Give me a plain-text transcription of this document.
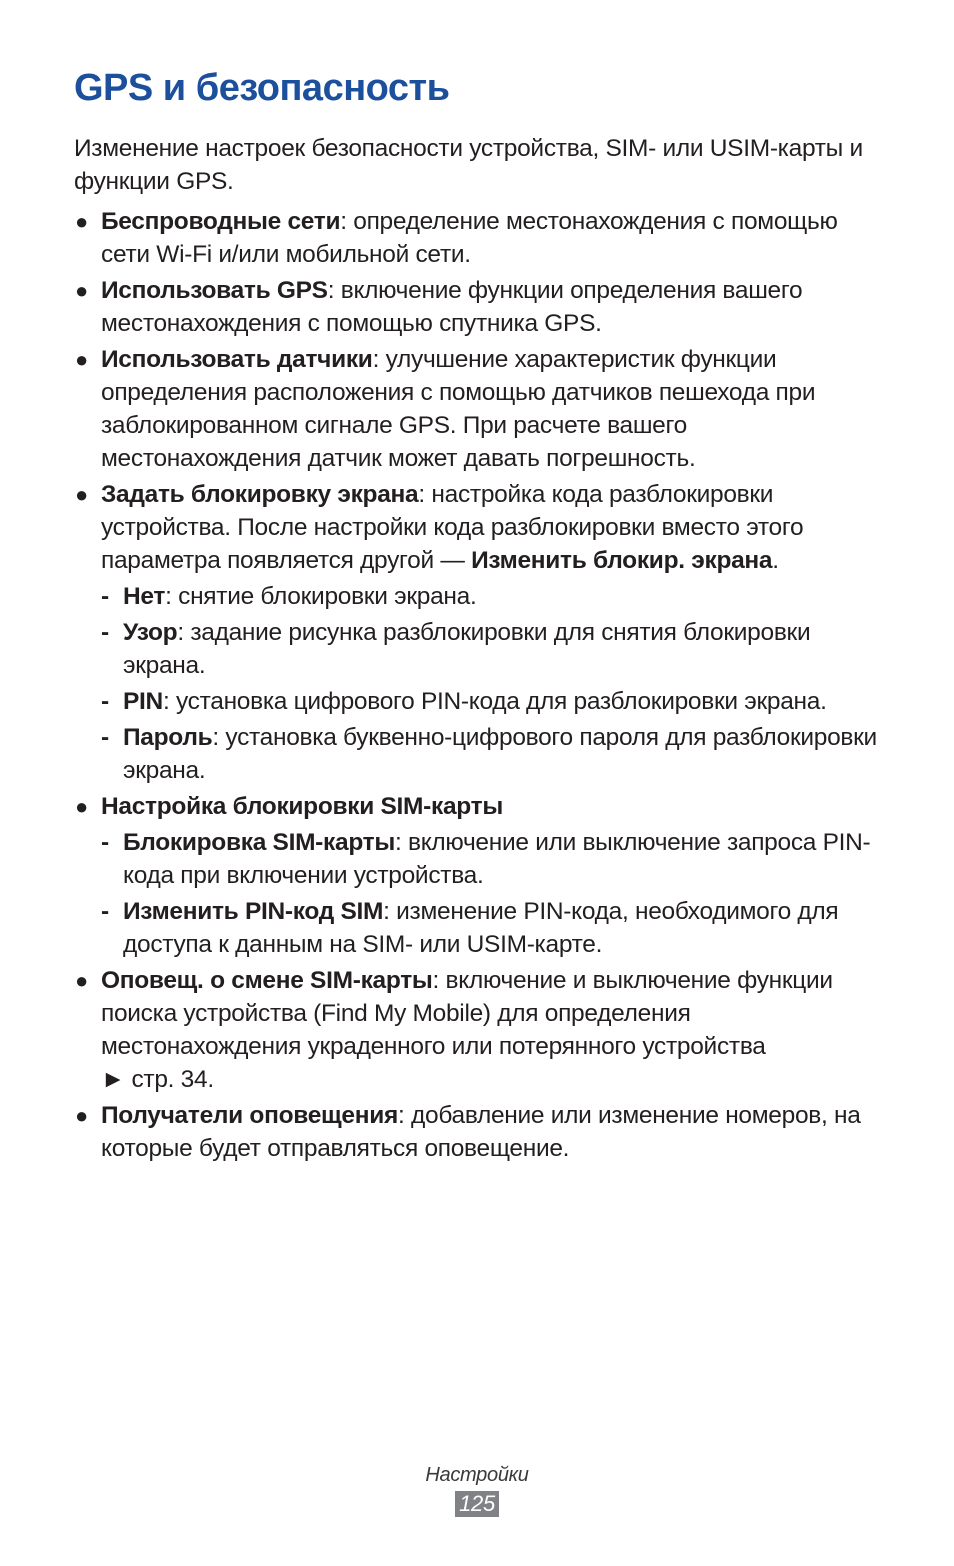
GPS и безопасность

Изменение настроек безопасности устройства, SIM- или USIM-карты и функции GPS.

● Беспроводные сети: определение местонахождения с помощью сети Wi-Fi и/или мобильной сети.
● Использовать GPS: включение функции определения вашего местонахождения с помощью спутника GPS.
● Использовать датчики: улучшение характеристик функции определения расположения с помощью датчиков пешехода при заблокированном сигнале GPS. При расчете вашего местонахождения датчик может давать погрешность.
● Задать блокировку экрана: настройка кода разблокировки устройства. После настройки кода разблокировки вместо этого параметра появляется другой — Изменить блокир. экрана.
- Нет: снятие блокировки экрана.
- Узор: задание рисунка разблокировки для снятия блокировки экрана.
- PIN: установка цифрового PIN-кода для разблокировки экрана.
- Пароль: установка буквенно-цифрового пароля для разблокировки экрана.
● Настройка блокировки SIM-карты
- Блокировка SIM-карты: включение или выключение запроса PIN-кода при включении устройства.
- Изменить PIN-код SIM: изменение PIN-кода, необходимого для доступа к данным на SIM- или USIM-карте.
● Оповещ. о смене SIM-карты: включение и выключение функции поиска устройства (Find My Mobile) для определения местонахождения украденного или потерянного устройства ► стр. 34.
● Получатели оповещения: добавление или изменение номеров, на которые будет отправляться оповещение.
Настройки
125
